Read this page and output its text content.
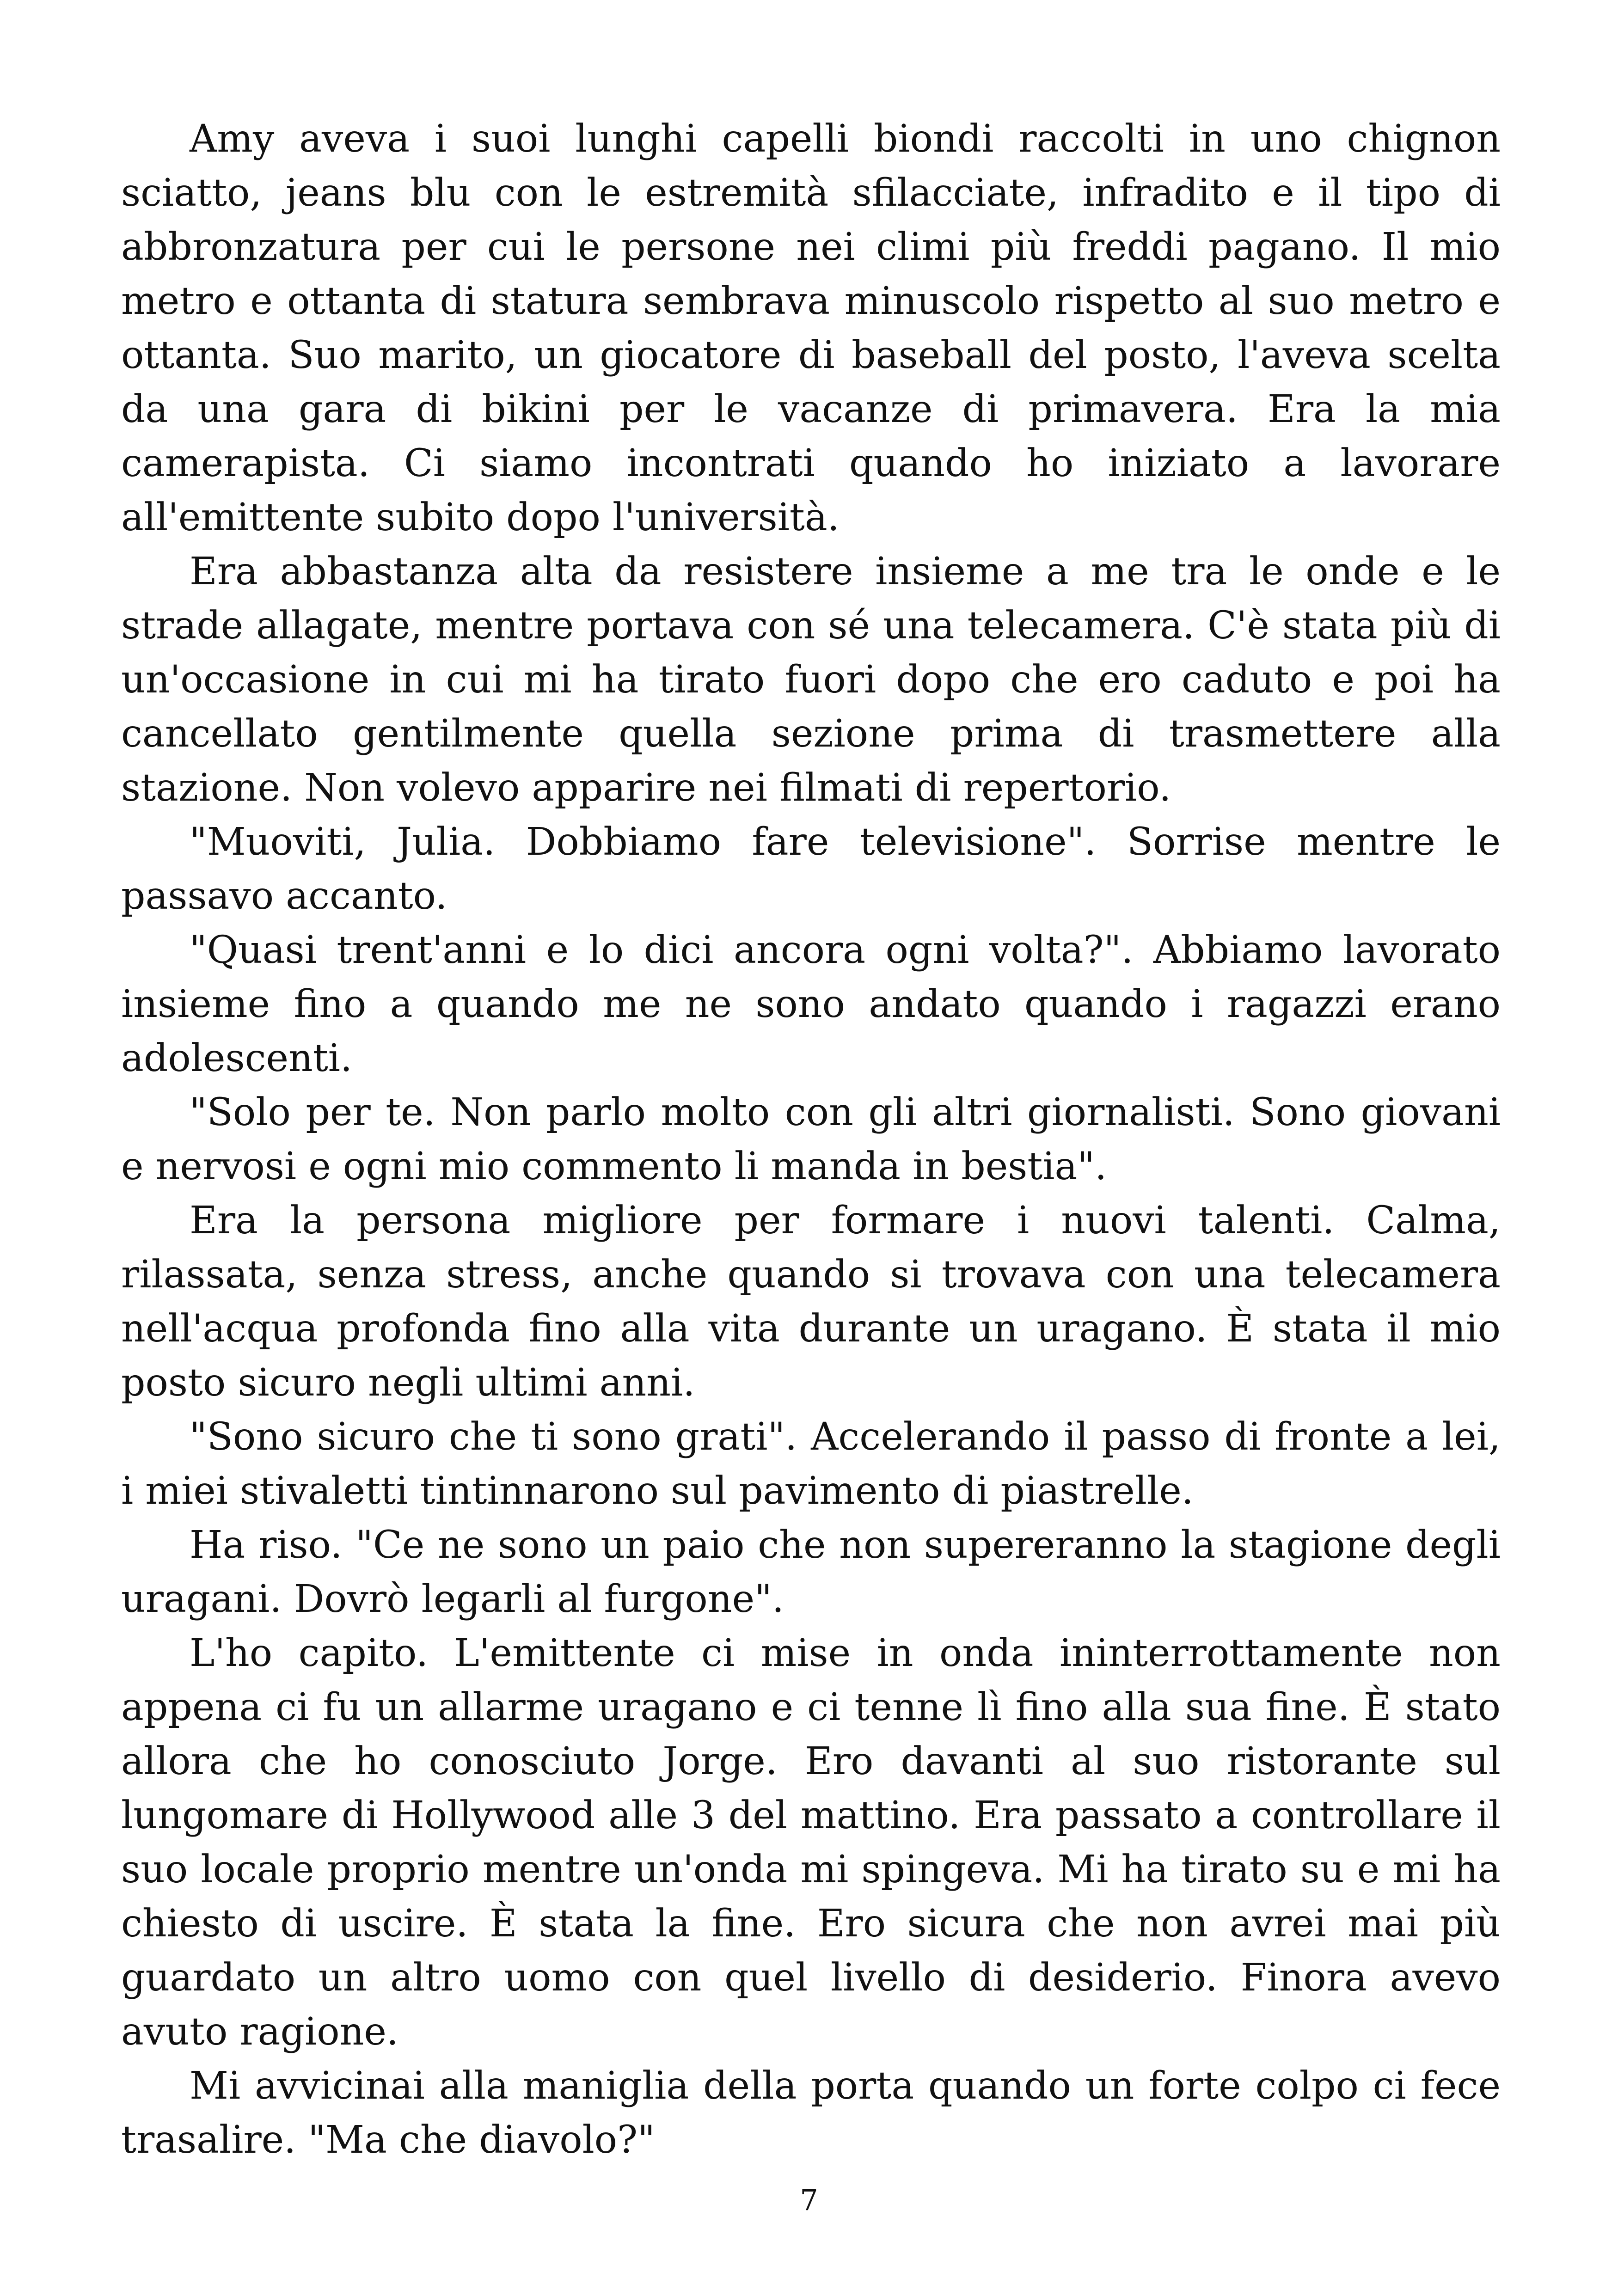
Amy aveva i suoi lunghi capelli biondi raccolti in uno chignon sciatto, jeans blu con le estremità sfilacciate, infradito e il tipo di abbronzatura per cui le persone nei climi più freddi pagano. Il mio metro e ottanta di statura sembrava minuscolo rispetto al suo metro e ottanta. Suo marito, un giocatore di baseball del posto, l'aveva scelta da una gara di bikini per le vacanze di primavera. Era la mia camerapista. Ci siamo incontrati quando ho iniziato a lavorare all'emittente subito dopo l'università.

Era abbastanza alta da resistere insieme a me tra le onde e le strade allagate, mentre portava con sé una telecamera. C'è stata più di un'occasione in cui mi ha tirato fuori dopo che ero caduto e poi ha cancellato gentilmente quella sezione prima di trasmettere alla stazione. Non volevo apparire nei filmati di repertorio.

"Muoviti, Julia. Dobbiamo fare televisione". Sorrise mentre le passavo accanto.

"Quasi trent'anni e lo dici ancora ogni volta?". Abbiamo lavorato insieme fino a quando me ne sono andato quando i ragazzi erano adolescenti.

"Solo per te. Non parlo molto con gli altri giornalisti. Sono giovani e nervosi e ogni mio commento li manda in bestia".

Era la persona migliore per formare i nuovi talenti. Calma, rilassata, senza stress, anche quando si trovava con una telecamera nell'acqua profonda fino alla vita durante un uragano. È stata il mio posto sicuro negli ultimi anni.

"Sono sicuro che ti sono grati". Accelerando il passo di fronte a lei, i miei stivaletti tintinnarono sul pavimento di piastrelle.

Ha riso. "Ce ne sono un paio che non supereranno la stagione degli uragani. Dovrò legarli al furgone".

L'ho capito. L'emittente ci mise in onda ininterrottamente non appena ci fu un allarme uragano e ci tenne lì fino alla sua fine. È stato allora che ho conosciuto Jorge. Ero davanti al suo ristorante sul lungomare di Hollywood alle 3 del mattino. Era passato a controllare il suo locale proprio mentre un'onda mi spingeva. Mi ha tirato su e mi ha chiesto di uscire. È stata la fine. Ero sicura che non avrei mai più guardato un altro uomo con quel livello di desiderio. Finora avevo avuto ragione.

Mi avvicinai alla maniglia della porta quando un forte colpo ci fece trasalire. "Ma che diavolo?"

7
